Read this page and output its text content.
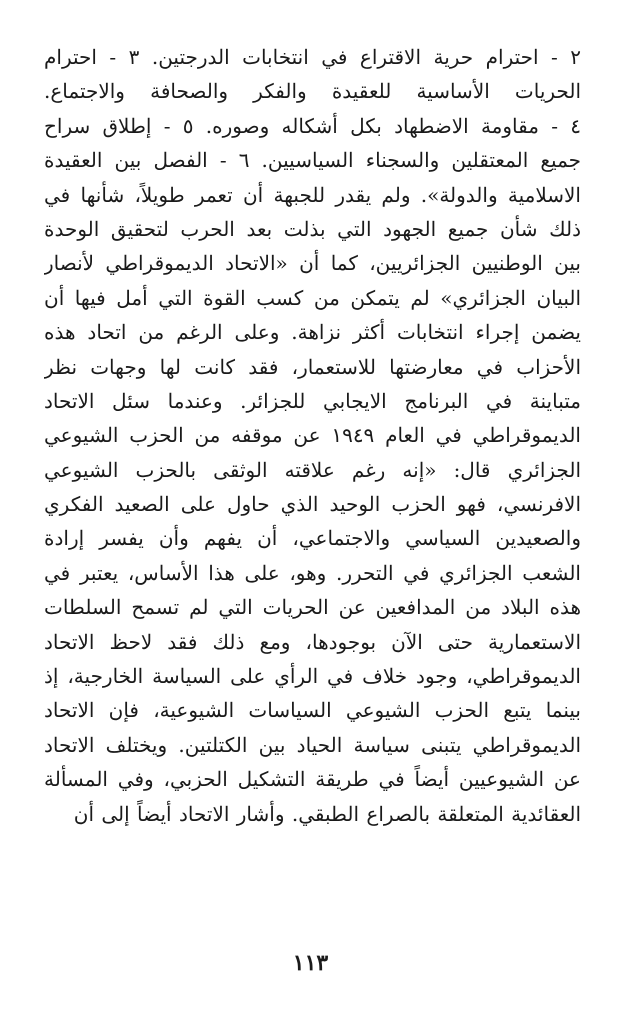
٢ - احترام حرية الاقتراع في انتخابات الدرجتين. ٣ - احترام
الحريات الأساسية للعقيدة والفكر والصحافة والاجتماع.
٤ - مقاومة الاضطهاد بكل أشكاله وصوره. ٥ - إطلاق سراح
جميع المعتقلين والسجناء السياسيين. ٦ - الفصل بين العقيدة
الاسلامية والدولة». ولم يقدر للجبهة أن تعمر طويلاً، شأنها في
ذلك شأن جميع الجهود التي بذلت بعد الحرب لتحقيق الوحدة
بين الوطنيين الجزائريين، كما أن «الاتحاد الديموقراطي لأنصار
البيان الجزائري» لم يتمكن من كسب القوة التي أمل فيها أن
يضمن إجراء انتخابات أكثر نزاهة. وعلى الرغم من اتحاد هذه
الأحزاب في معارضتها للاستعمار، فقد كانت لها وجهات نظر
متباينة في البرنامج الايجابي للجزائر. وعندما سئل الاتحاد
الديموقراطي في العام ١٩٤٩ عن موقفه من الحزب الشيوعي
الجزائري قال: «إنه رغم علاقته الوثقى بالحزب الشيوعي
الافرنسي، فهو الحزب الوحيد الذي حاول على الصعيد الفكري
والصعيدين السياسي والاجتماعي، أن يفهم وأن يفسر إرادة
الشعب الجزائري في التحرر. وهو، على هذا الأساس، يعتبر في
هذه البلاد من المدافعين عن الحريات التي لم تسمح السلطات
الاستعمارية حتى الآن بوجودها، ومع ذلك فقد لاحظ الاتحاد
الديموقراطي، وجود خلاف في الرأي على السياسة الخارجية، إذ
بينما يتبع الحزب الشيوعي السياسات الشيوعية، فإن الاتحاد
الديموقراطي يتبنى سياسة الحياد بين الكتلتين. ويختلف الاتحاد
عن الشيوعيين أيضاً في طريقة التشكيل الحزبي، وفي المسألة
العقائدية المتعلقة بالصراع الطبقي. وأشار الاتحاد أيضاً إلى أن
١١٣
